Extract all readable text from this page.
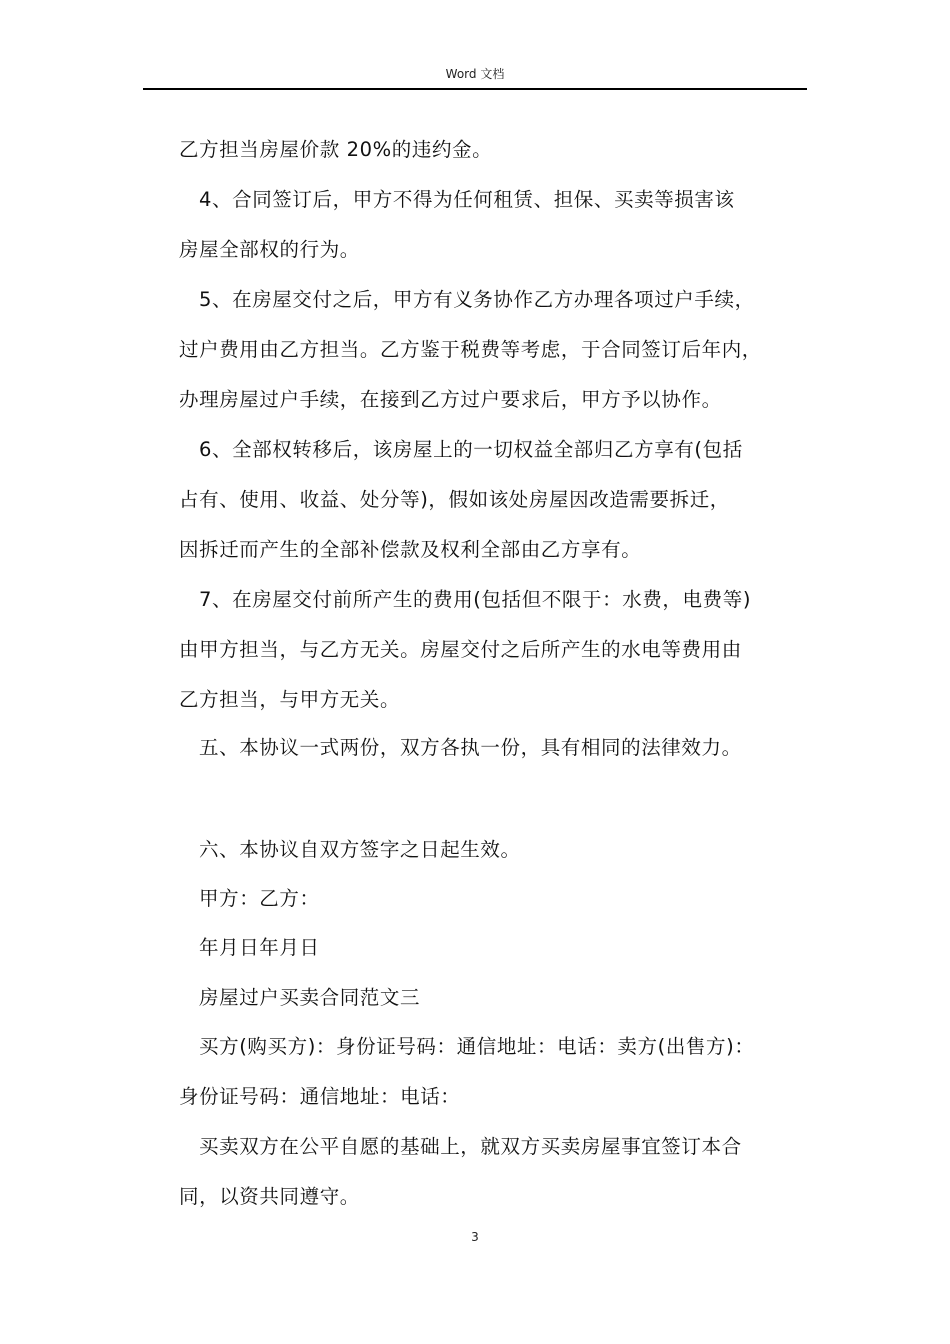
Word 文档
乙方担当房屋价款 20%的违约金。
4、合同签订后，甲方不得为任何租赁、担保、买卖等损害该
房屋全部权的行为。
5、在房屋交付之后，甲方有义务协作乙方办理各项过户手续，
过户费用由乙方担当。乙方鉴于税费等考虑，于合同签订后年内，
办理房屋过户手续，在接到乙方过户要求后，甲方予以协作。
6、全部权转移后，该房屋上的一切权益全部归乙方享有(包括
占有、使用、收益、处分等)，假如该处房屋因改造需要拆迁，
因拆迁而产生的全部补偿款及权利全部由乙方享有。
7、在房屋交付前所产生的费用(包括但不限于：水费，电费等)
由甲方担当，与乙方无关。房屋交付之后所产生的水电等费用由
乙方担当，与甲方无关。
五、本协议一式两份，双方各执一份，具有相同的法律效力。
六、本协议自双方签字之日起生效。
甲方：乙方：
年月日年月日
房屋过户买卖合同范文三
买方(购买方)：身份证号码：通信地址：电话：卖方(出售方)：
身份证号码：通信地址：电话：
买卖双方在公平自愿的基础上，就双方买卖房屋事宜签订本合
同，以资共同遵守。
3
